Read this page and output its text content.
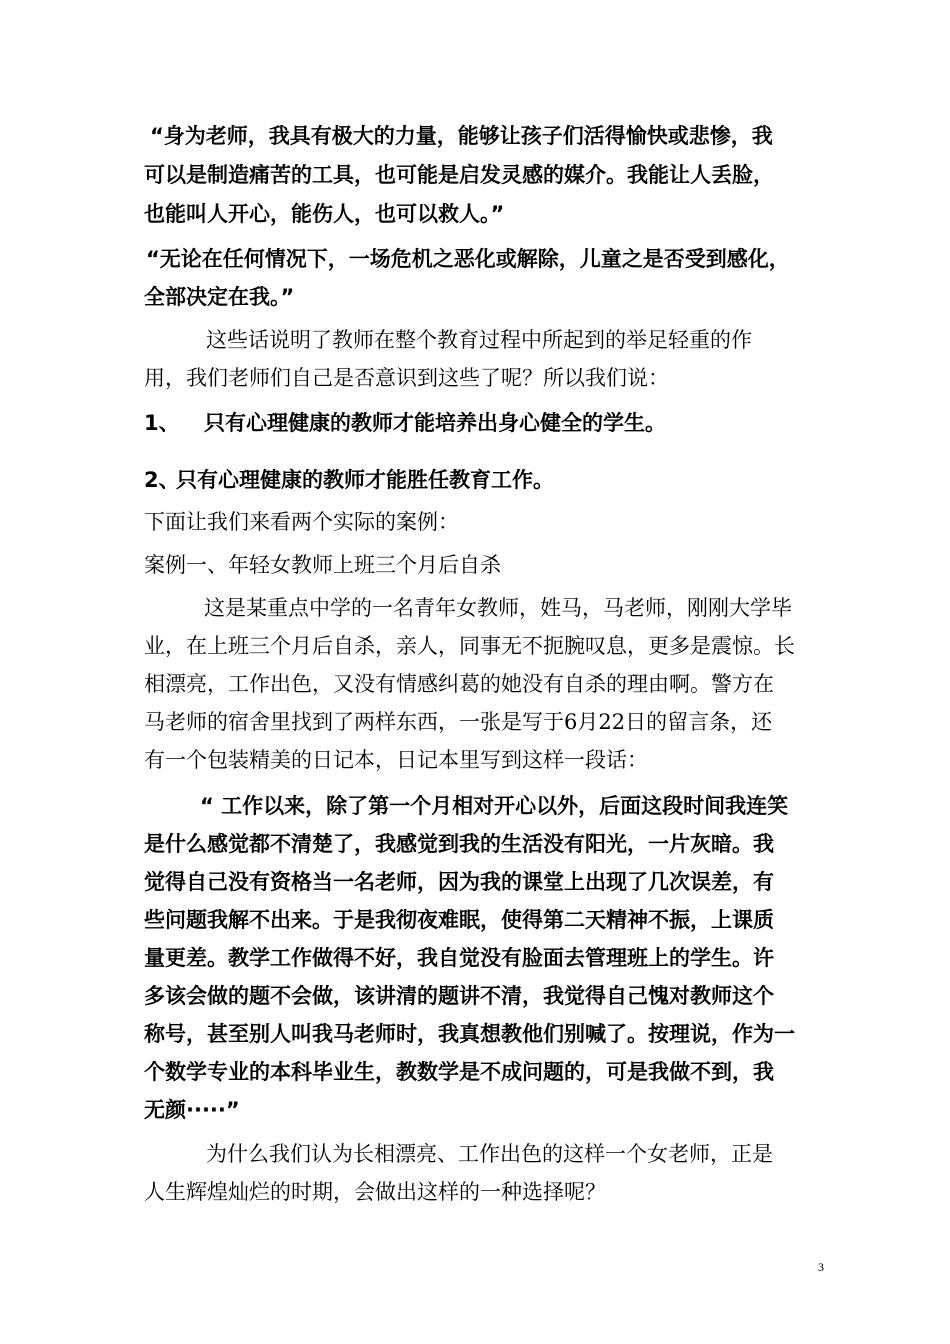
“身为老师，我具有极大的力量，能够让孩子们活得愉快或悲惨，我
可以是制造痛苦的工具，也可能是启发灵感的媒介。我能让人丢脸，
也能叫人开心，能伤人，也可以救人。”
“无论在任何情况下，一场危机之恶化或解除，儿童之是否受到感化，
全部决定在我。”
这些话说明了教师在整个教育过程中所起到的举足轻重的作
用，我们老师们自己是否意识到这些了呢？所以我们说：
1、 只有心理健康的教师才能培养出身心健全的学生。
2、
只有心理健康的教师才能胜任教育工作。
下面让我们来看两个实际的案例：
案例一、年轻女教师上班三个月后自杀
这是某重点中学的一名青年女教师，姓马，马老师，刚刚大学毕
业，在上班三个月后自杀，亲人，同事无不扼腕叹息，更多是震惊。长
相漂亮，工作出色，又没有情感纠葛的她没有自杀的理由啊。警方在
马老师的宿舍里找到了两样东西，一张是写于6月22日的留言条，还
有一个包装精美的日记本，日记本里写到这样一段话：
“ 工作以来，除了第一个月相对开心以外，后面这段时间我连笑
是什么感觉都不清楚了，我感觉到我的生活没有阳光，一片灰暗。我
觉得自己没有资格当一名老师，因为我的课堂上出现了几次误差，有
些问题我解不出来。于是我彻夜难眠，使得第二天精神不振，上课质
量更差。教学工作做得不好，我自觉没有脸面去管理班上的学生。许
多该会做的题不会做，该讲清的题讲不清，我觉得自己愧对教师这个
称号，甚至别人叫我马老师时，我真想教他们别喊了。按理说，作为一
个数学专业的本科毕业生，教数学是不成问题的，可是我做不到，我
无颜·····”
为什么我们认为长相漂亮、工作出色的这样一个女老师，正是
人生辉煌灿烂的时期，会做出这样的一种选择呢？
3
